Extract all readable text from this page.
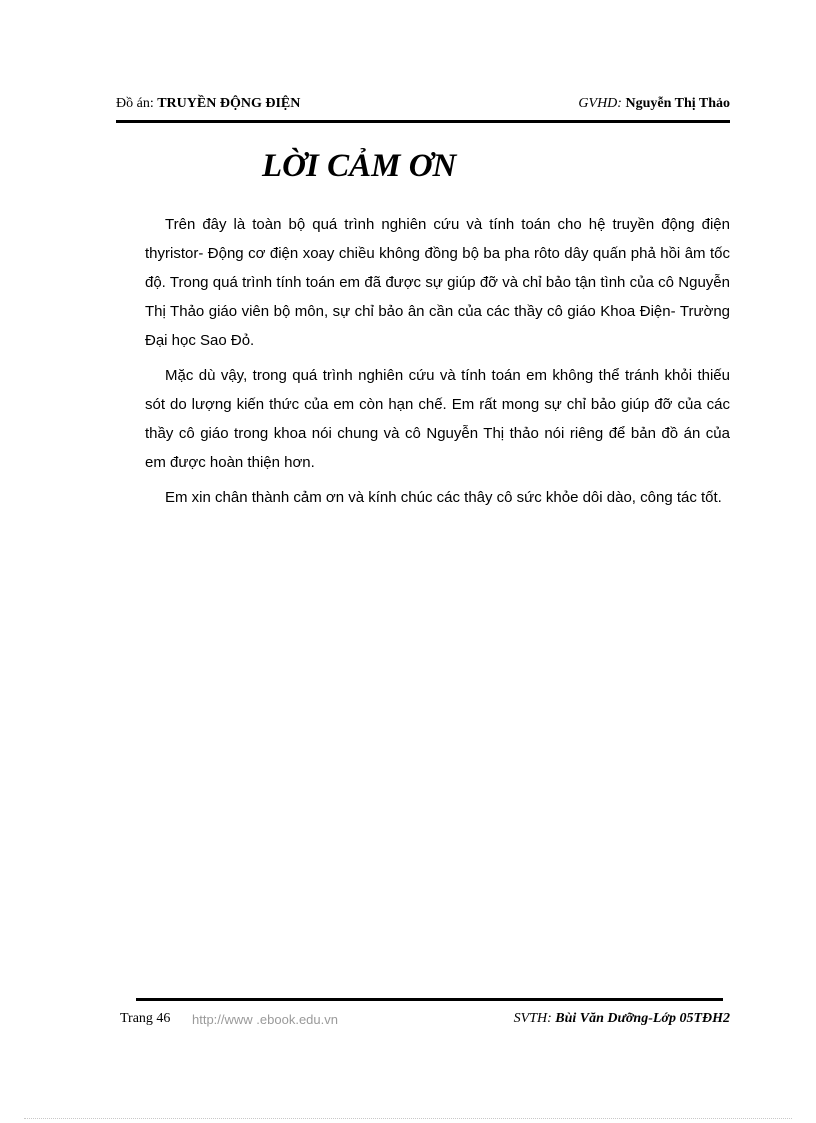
Đồ án: TRUYỀN ĐỘNG ĐIỆN	GVHD: Nguyễn Thị Thảo
LỜI CẢM ƠN

Trên đây là toàn bộ quá trình nghiên cứu và tính toán cho hệ truyền động điện thyristor- Động cơ điện xoay chiều không đồng bộ ba pha rôto dây quấn phả hồi âm tốc độ. Trong quá trình tính toán em đã được sự giúp đỡ và chỉ bảo tận tình của cô Nguyễn Thị Thảo giáo viên bộ môn, sự chỉ bảo ân cần của các thầy cô giáo Khoa Điện- Trường Đại học Sao Đỏ.

Mặc dù vậy, trong quá trình nghiên cứu và tính toán em không thể tránh khỏi thiếu sót do lượng kiến thức của em còn hạn chế. Em rất mong sự chỉ bảo giúp đỡ của các thầy cô giáo trong khoa nói chung và cô Nguyễn Thị thảo nói riêng để bản đồ án của em được hoàn thiện hơn.

Em xin chân thành cảm ơn và kính chúc các thây cô sức khỏe dôi dào, công tác tốt.

Trang 46 http://www .ebook.edu.vn	SVTH: Bùi Văn Dưỡng-Lớp 05TĐH2
